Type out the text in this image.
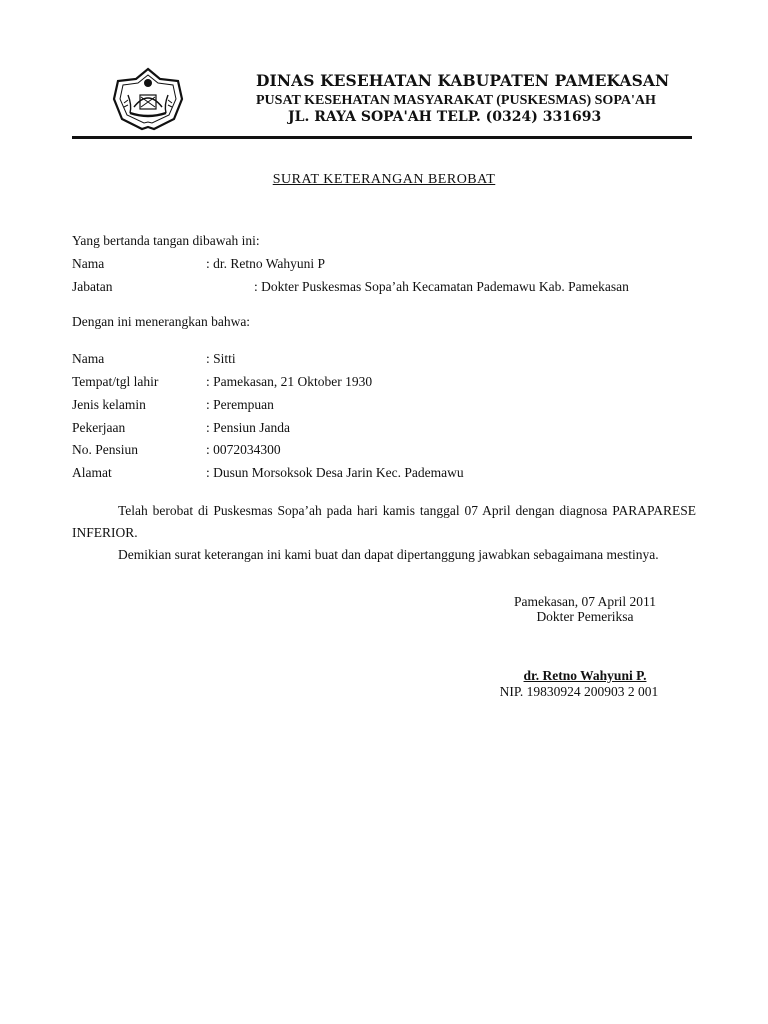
DINAS KESEHATAN KABUPATEN PAMEKASAN
PUSAT KESEHATAN MASYARAKAT (PUSKESMAS) SOPA'AH
JL. RAYA SOPA'AH TELP. (0324) 331693
SURAT KETERANGAN BEROBAT
Yang bertanda tangan dibawah ini:
Nama	: dr. Retno Wahyuni P
Jabatan	: Dokter Puskesmas Sopa’ah Kecamatan Pademawu Kab. Pamekasan
Dengan ini menerangkan bahwa:
Nama	: Sitti
Tempat/tgl lahir	: Pamekasan, 21 Oktober 1930
Jenis kelamin	: Perempuan
Pekerjaan	: Pensiun Janda
No. Pensiun	: 0072034300
Alamat	: Dusun Morsoksok Desa Jarin Kec. Pademawu
Telah berobat di Puskesmas Sopa’ah pada hari kamis tanggal 07 April dengan diagnosa PARAPARESE INFERIOR.
Demikian surat keterangan ini kami buat dan dapat dipertanggung jawabkan sebagaimana mestinya.
Pamekasan, 07 April 2011
Dokter Pemeriksa
dr. Retno Wahyuni P.
NIP. 19830924 200903 2 001
